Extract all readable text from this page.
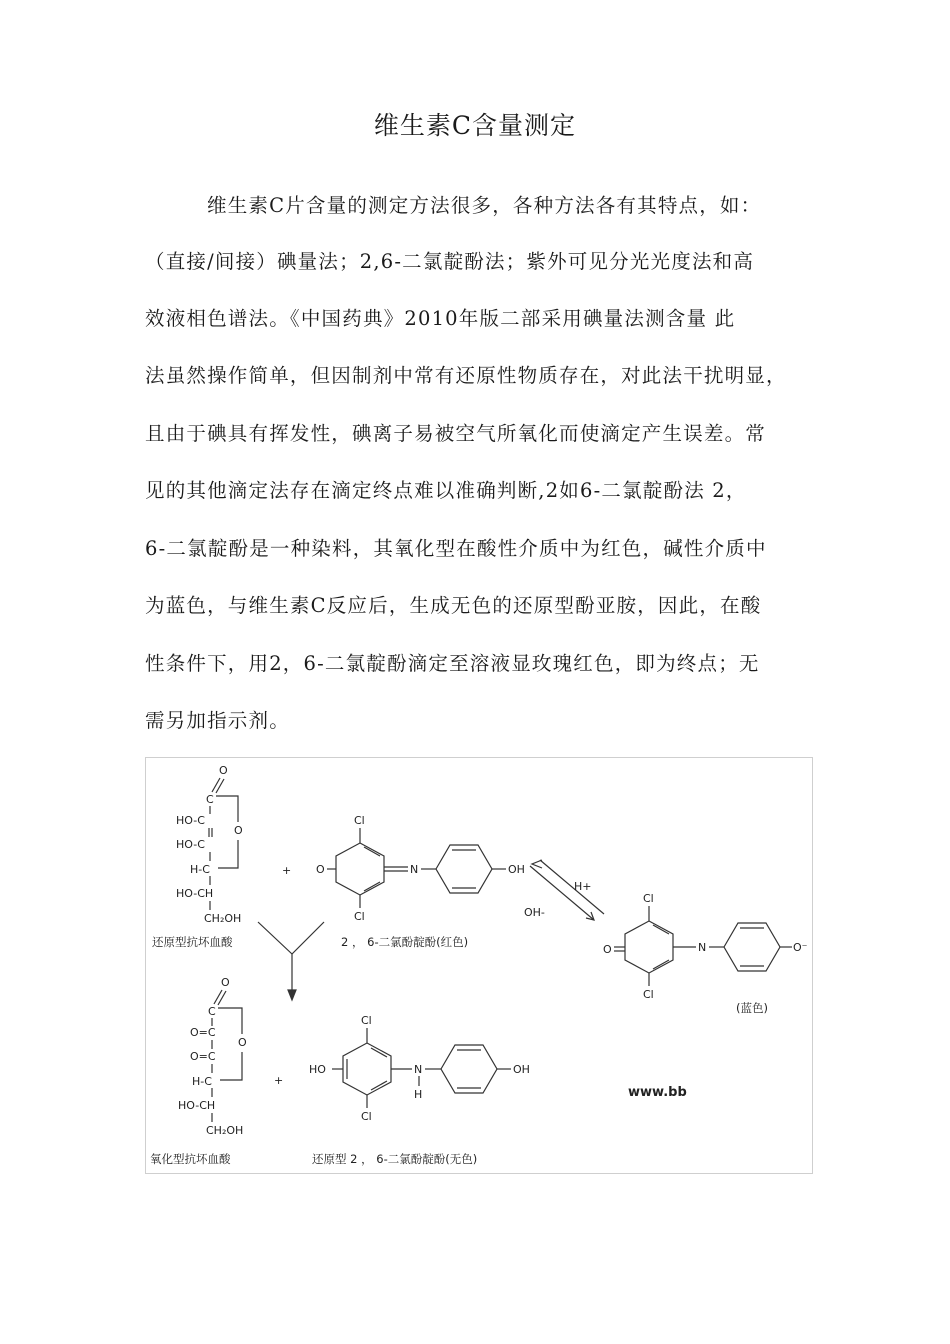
维生素C含量测定
维生素C片含量的测定方法很多，各种方法各有其特点，如：
（直接/间接）碘量法；2,6-二氯靛酚法；紫外可见分光光度法和高
效液相色谱法。《中国药典》2010年版二部采用碘量法测含量 此
法虽然操作简单，但因制剂中常有还原性物质存在，对此法干扰明显，
且由于碘具有挥发性，碘离子易被空气所氧化而使滴定产生误差。常
见的其他滴定法存在滴定终点难以准确判断,2如6-二氯靛酚法 2，
6-二氯靛酚是一种染料，其氧化型在酸性介质中为红色，碱性介质中
为蓝色，与维生素C反应后，生成无色的还原型酚亚胺，因此，在酸
性条件下，用2，6-二氯靛酚滴定至溶液显玫瑰红色，即为终点；无
需另加指示剂。
O
C
HO-C
HO-C
H-C
HO-CH
CH₂OH
O
还原型抗坏血酸
+
Cl
O	N	OH
Cl
2 ， 6-二氯酚靛酚(红色)
H+
OH-
Cl
O	N	O⁻
Cl
(蓝色)
O
C
O=C
O=C
H-C
HO-CH
CH₂OH
O
氧化型抗坏血酸
+
Cl
HO	N
H
OH
Cl
还原型 2 ， 6-二氯酚靛酚(无色)
www.bb
